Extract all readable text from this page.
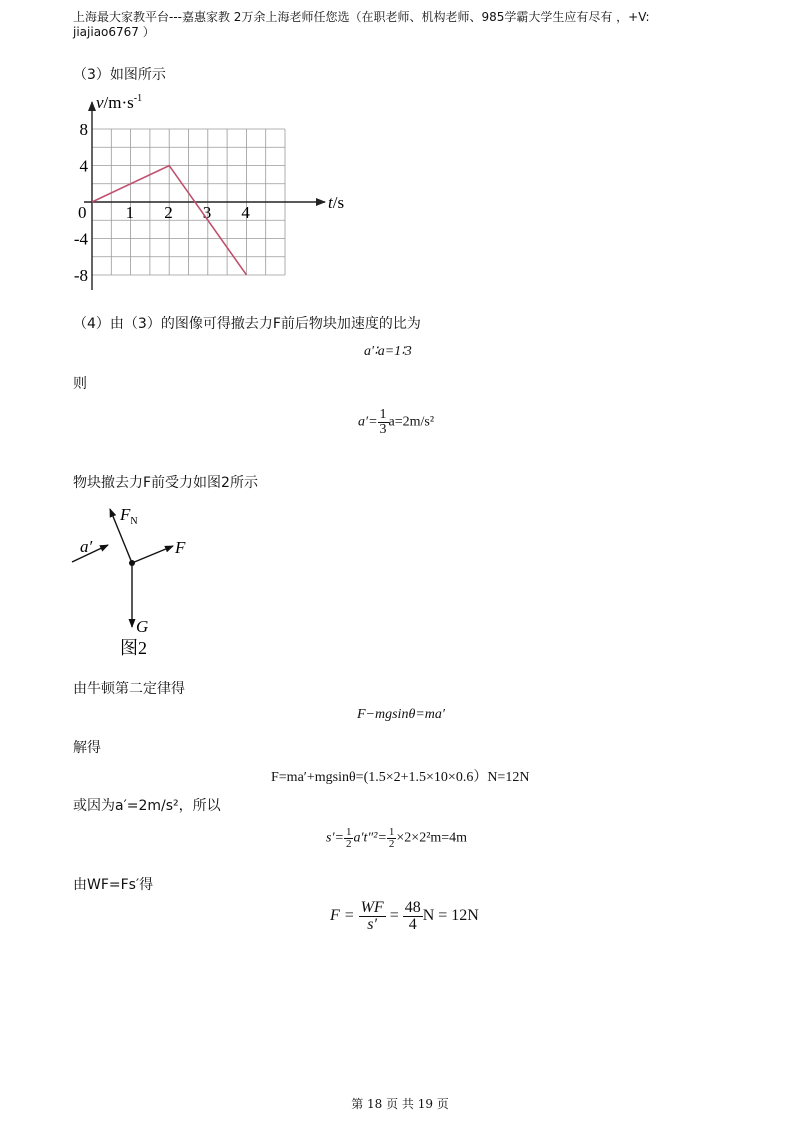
上海最大家教平台---嘉惠家教 2万余上海老师任您选（在职老师、机构老师、985学霸大学生应有尽有 ，+V:
jiajiao6767 ）
（3）如图所示
0 1 2 3 4
8
4
-4
-8
$v/m\cdot s^{-1}$
t/s
（4）由（3）的图像可得撤去力F前后物块加速度的比为
a′∶a=1∶3
则
$a'= \frac{1}{3} a=2m/s^2$
物块撤去力F前受力如图2所示
$F_N$
F
G
a′
图2
由牛顿第二定律得
F−mgsinθ=ma′
解得
F=ma′+mgsinθ=(1.5×2+1.5×10×0.6）N=12N
或因为a′=2m/s²，所以
$s'= \frac{1}{2} a't''^2= \frac{1}{2} \times 2\times 2^2m=4m$
由WF=Fs′得
$F = \frac{WF}{s'} = \frac{48}{4}$ N = 12N
第 18 页 共 19 页
